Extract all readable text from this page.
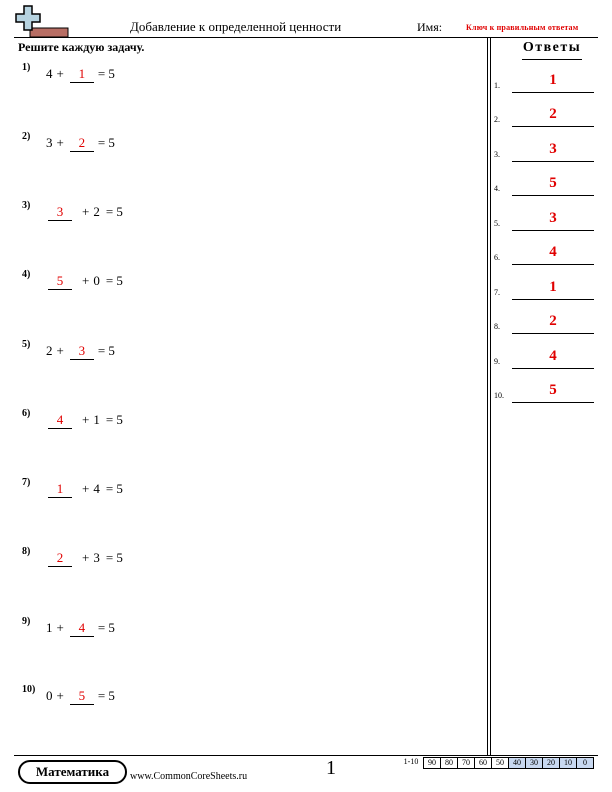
Добавление к определенной ценности	Имя:	Ключ к правильным ответам
Решите каждую задачу.
1) 4 +	1 = 5
2) 3 +	2 = 5
3)	3	+ 2 = 5
4)	5	+ 0 = 5
5) 2 +	3 = 5
6)	4	+ 1 = 5
7)	1	+ 4 = 5
8)	2	+ 3 = 5
9) 1 +	4 = 5
10) 0 +	5 = 5
Ответы
1.	1
2.	2
3.	3
4.	5
5.	3
6.	4
7.	1
8.	2
9.	4
10.	5
Математика	www.CommonCoreSheets.ru	1	1-10	90	80	70	60	50	40	30	20	10	0
